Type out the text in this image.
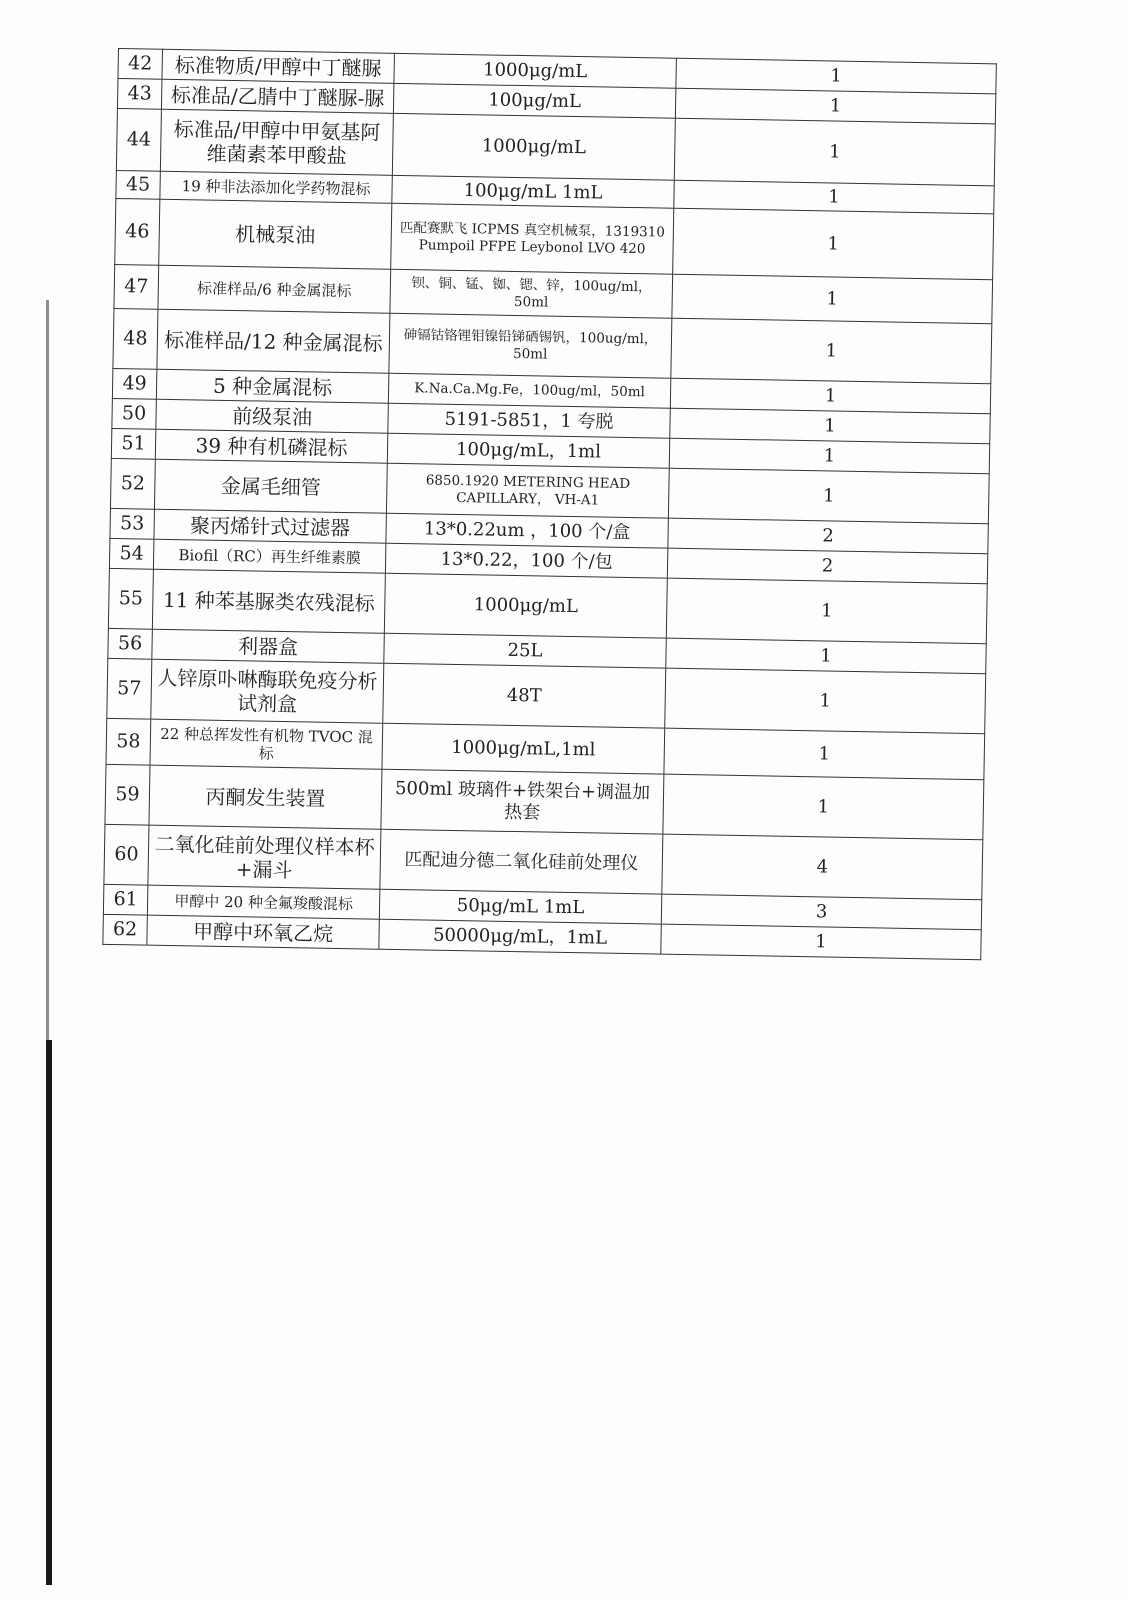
42	标准物质/甲醇中丁醚脲	1000μg/mL	1
43	标准品/乙腈中丁醚脲-脲	100μg/mL	1
44	标准品/甲醇中甲氨基阿维菌素苯甲酸盐	1000μg/mL	1
45	19 种非法添加化学药物混标	100μg/mL 1mL	1
46	机械泵油	匹配赛默飞 ICPMS 真空机械泵，1319310 Pumpoil PFPE Leybonol LVO 420	1
47	标准样品/6 种金属混标	钡、铜、锰、铷、锶、锌，100ug/ml，50ml	1
48	标准样品/12 种金属混标	砷镉钴铬锂钼镍铅锑硒锡钒，100ug/ml，50ml	1
49	5 种金属混标	K.Na.Ca.Mg.Fe，100ug/ml，50ml	1
50	前级泵油	5191-5851，1 夸脱	1
51	39 种有机磷混标	100μg/mL，1ml	1
52	金属毛细管	6850.1920 METERING HEAD CAPILLARY， VH-A1	1
53	聚丙烯针式过滤器	13*0.22um ，100 个/盒	2
54	Biofil（RC）再生纤维素膜	13*0.22，100 个/包	2
55	11 种苯基脲类农残混标	1000μg/mL	1
56	利器盒	25L	1
57	人锌原卟啉酶联免疫分析试剂盒	48T	1
58	22 种总挥发性有机物 TVOC 混标	1000μg/mL,1ml	1
59	丙酮发生装置	500ml 玻璃件+铁架台+调温加热套	1
60	二氧化硅前处理仪样本杯+漏斗	匹配迪分德二氧化硅前处理仪	4
61	甲醇中 20 种全氟羧酸混标	50μg/mL 1mL	3
62	甲醇中环氧乙烷	50000μg/mL，1mL	1
